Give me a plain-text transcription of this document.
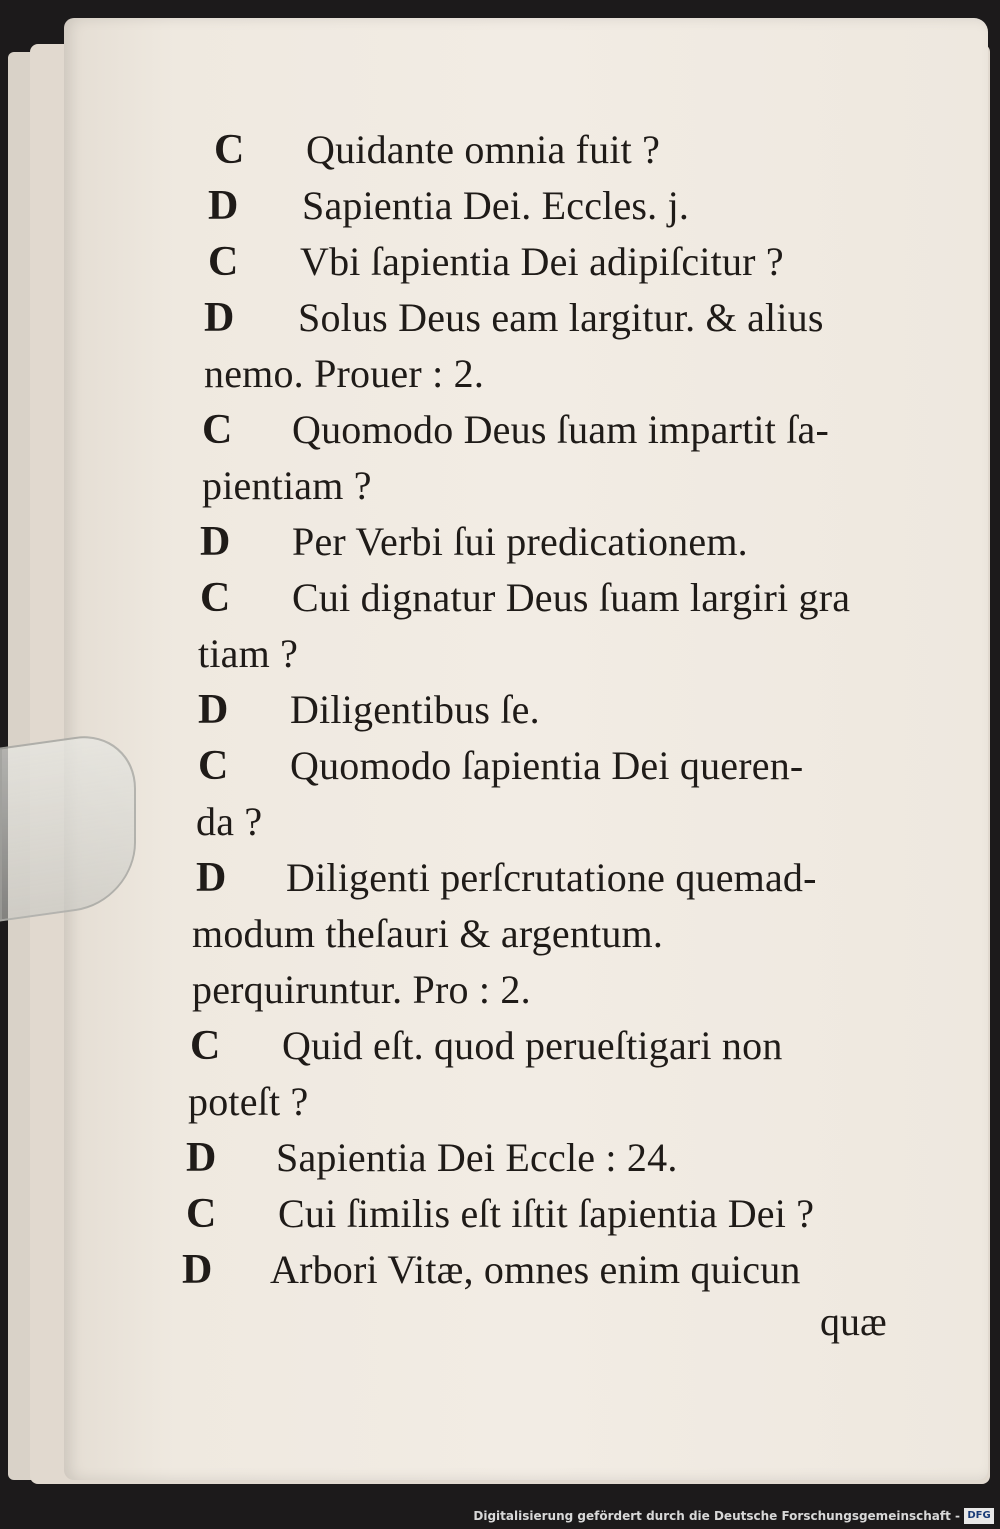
C Quidante omnia fuit ?
D Sapientia Dei. Eccles. j.
C Vbi ſapientia Dei adipiſcitur ?
D Solus Deus eam largitur. & alius
nemo. Prouer : 2.
C Quomodo Deus ſuam impartit ſa-
pientiam ?
D Per Verbi ſui predicationem.
C Cui dignatur Deus ſuam largiri gra
tiam ?
D Diligentibus ſe.
C Quomodo ſapientia Dei queren-
da ?
D Diligenti perſcrutatione quemad-
modum theſauri & argentum.
perquiruntur. Pro : 2.
C Quid eſt. quod perueſtigari non
poteſt ?
D Sapientia Dei Eccle : 24.
C Cui ſimilis eſt iſtit ſapientia Dei ?
D Arbori Vitæ, omnes enim quicun
quæ
Digitalisierung gefördert durch die Deutsche Forschungsgemeinschaft - DFG
